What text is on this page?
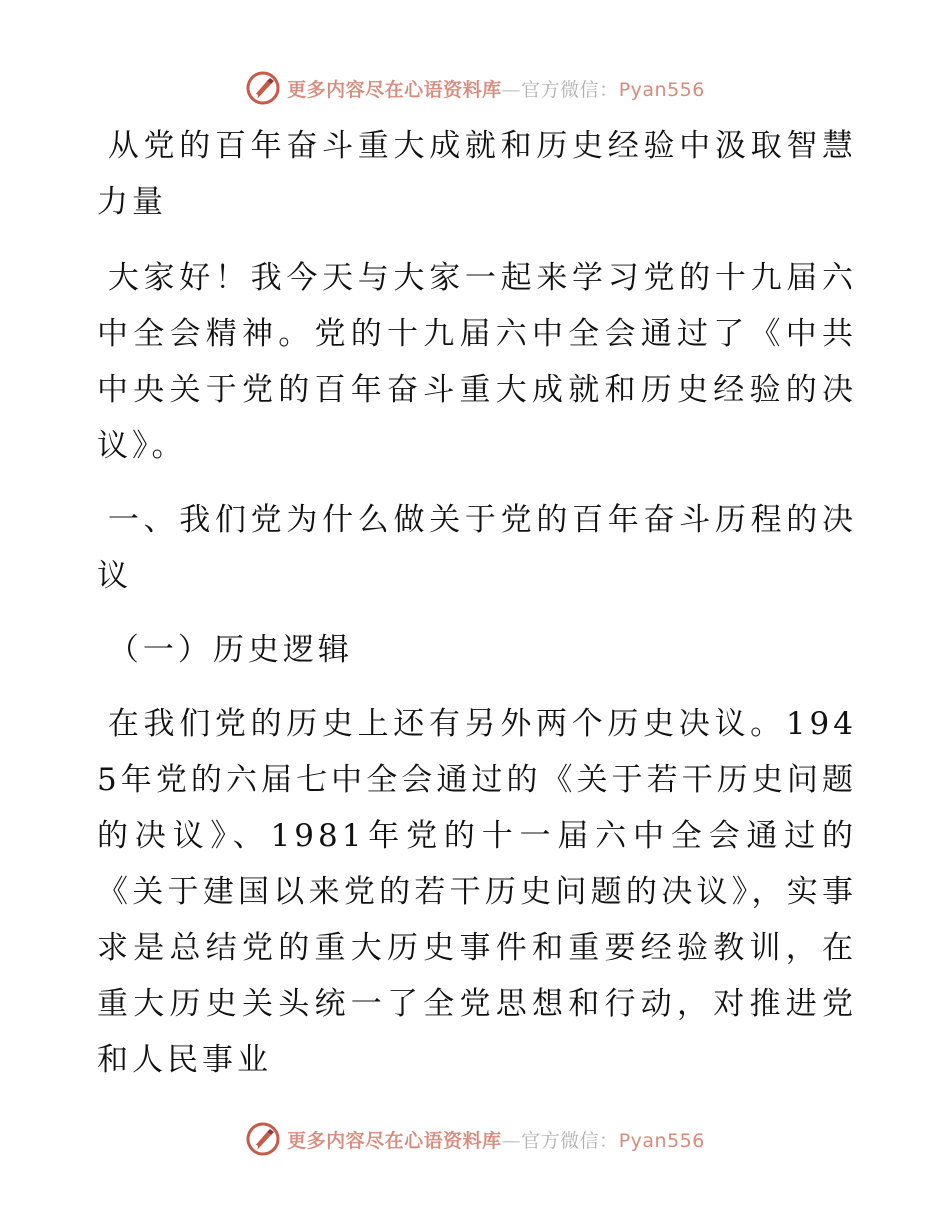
更多内容尽在心语资料库—官方微信：Pyan556

从党的百年奋斗重大成就和历史经验中汲取智慧力量

大家好！我今天与大家一起来学习党的十九届六中全会精神。党的十九届六中全会通过了《中共中央关于党的百年奋斗重大成就和历史经验的决议》。

一、我们党为什么做关于党的百年奋斗历程的决议

（一）历史逻辑

在我们党的历史上还有另外两个历史决议。1945年党的六届七中全会通过的《关于若干历史问题的决议》、1981年党的十一届六中全会通过的《关于建国以来党的若干历史问题的决议》，实事求是总结党的重大历史事件和重要经验教训，在重大历史关头统一了全党思想和行动，对推进党和人民事业

更多内容尽在心语资料库—官方微信：Pyan556
